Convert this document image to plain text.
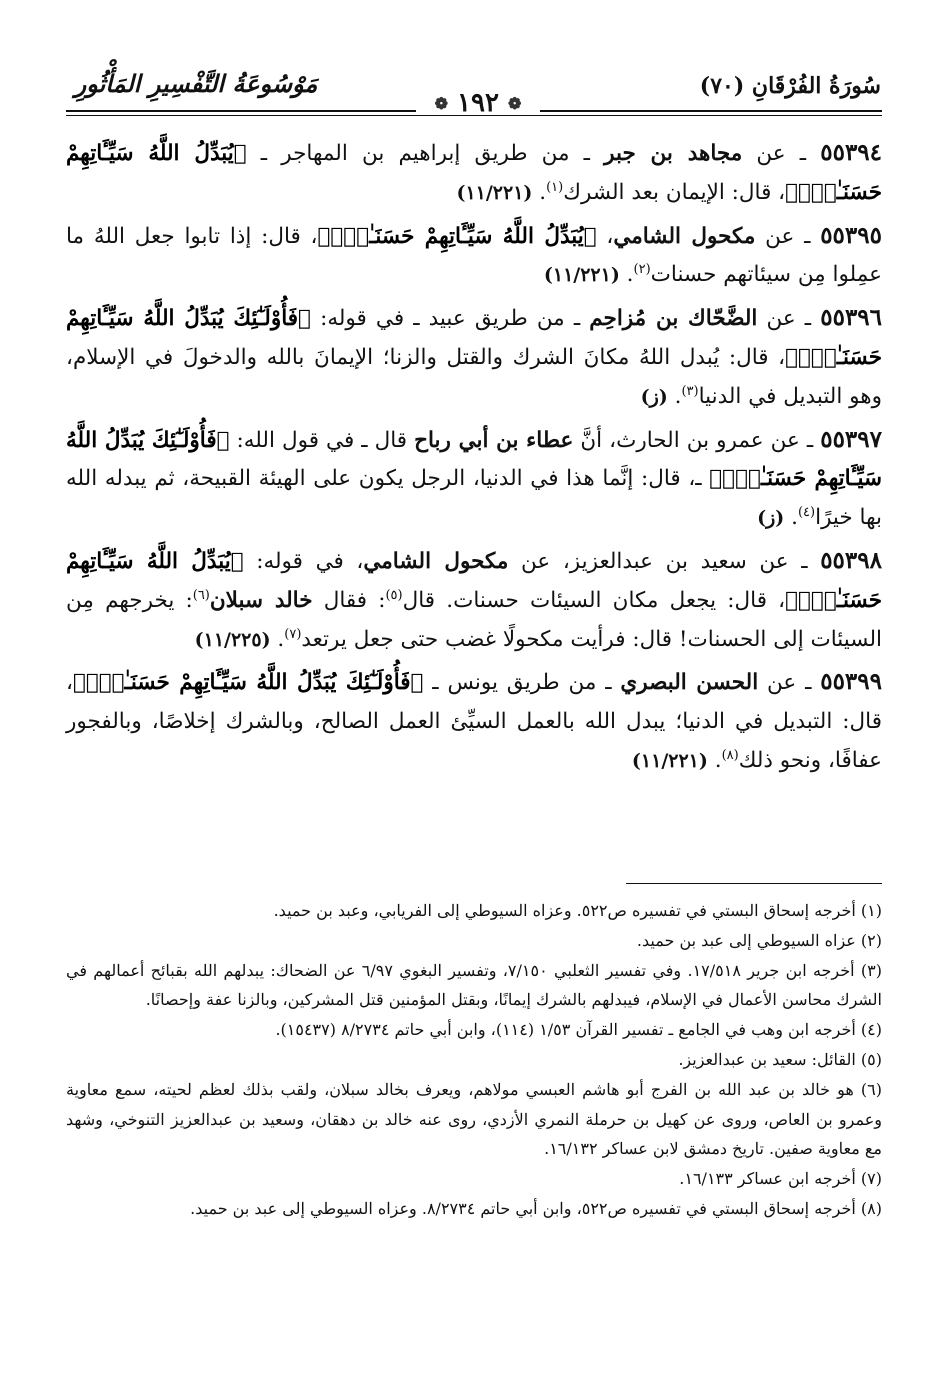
سُورَةُ الفُرْقَانِ (٧٠)
❁ ١٩٢ ❁
مَوْسُوعَةُ التَّفْسِيرِ المَأْثُورِ

٥٥٣٩٤ ـ عن مجاهد بن جبر ـ من طريق إبراهيم بن المهاجر ـ ﴿يُبَدِّلُ اللَّهُ سَيِّـَٔاتِهِمْ حَسَنَـٰتٍۗ﴾، قال: الإيمان بعد الشرك$^{(١)}$. (١١/٢٢١)

٥٥٣٩٥ ـ عن مكحول الشامي، ﴿يُبَدِّلُ اللَّهُ سَيِّـَٔاتِهِمْ حَسَنَـٰتٍۗ﴾، قال: إذا تابوا جعل اللهُ ما عمِلوا مِن سيئاتهم حسنات$^{(٢)}$. (١١/٢٢١)

٥٥٣٩٦ ـ عن الضَّحّاك بن مُزاحِم ـ من طريق عبيد ـ في قوله: ﴿فَأُوْلَـٰٓئِكَ يُبَدِّلُ اللَّهُ سَيِّـَٔاتِهِمْ حَسَنَـٰتٍۗ﴾، قال: يُبدل اللهُ مكانَ الشرك والقتل والزنا؛ الإيمانَ بالله والدخولَ في الإسلام، وهو التبديل في الدنيا$^{(٣)}$. (ز)

٥٥٣٩٧ ـ عن عمرو بن الحارث، أنَّ عطاء بن أبي رباح قال ـ في قول الله: ﴿فَأُوْلَـٰٓئِكَ يُبَدِّلُ اللَّهُ سَيِّـَٔاتِهِمْ حَسَنَـٰتٍۗ﴾ ـ، قال: إنَّما هذا في الدنيا، الرجل يكون على الهيئة القبيحة، ثم يبدله الله بها خيرًا$^{(٤)}$. (ز)

٥٥٣٩٨ ـ عن سعيد بن عبدالعزيز، عن مكحول الشامي، في قوله: ﴿يُبَدِّلُ اللَّهُ سَيِّـَٔاتِهِمْ حَسَنَـٰتٍۗ﴾، قال: يجعل مكان السيئات حسنات. قال$^{(٥)}$: فقال خالد سبلان$^{(٦)}$: يخرجهم مِن السيئات إلى الحسنات! قال: فرأيت مكحولًا غضب حتى جعل يرتعد$^{(٧)}$. (١١/٢٢٥)

٥٥٣٩٩ ـ عن الحسن البصري ـ من طريق يونس ـ ﴿فَأُوْلَـٰٓئِكَ يُبَدِّلُ اللَّهُ سَيِّـَٔاتِهِمْ حَسَنَـٰتٍۗ﴾، قال: التبديل في الدنيا؛ يبدل الله بالعمل السيِّئ العمل الصالح، وبالشرك إخلاصًا، وبالفجور عفافًا، ونحو ذلك$^{(٨)}$. (١١/٢٢١)

(١) أخرجه إسحاق البستي في تفسيره ص٥٢٢. وعزاه السيوطي إلى الفريابي، وعبد بن حميد.

(٢) عزاه السيوطي إلى عبد بن حميد.

(٣) أخرجه ابن جرير ١٧/٥١٨. وفي تفسير الثعلبي ٧/١٥٠، وتفسير البغوي ٦/٩٧ عن الضحاك: يبدلهم الله بقبائح أعمالهم في الشرك محاسن الأعمال في الإسلام، فيبدلهم بالشرك إيمانًا، وبقتل المؤمنين قتل المشركين، وبالزنا عفة وإحصانًا.

(٤) أخرجه ابن وهب في الجامع ـ تفسير القرآن ١/٥٣ (١١٤)، وابن أبي حاتم ٨/٢٧٣٤ (١٥٤٣٧).

(٥) القائل: سعيد بن عبدالعزيز.

(٦) هو خالد بن عبد الله بن الفرج أبو هاشم العبسي مولاهم، ويعرف بخالد سبلان، ولقب بذلك لعظم لحيته، سمع معاوية وعمرو بن العاص، وروى عن كهيل بن حرملة النمري الأزدي، روى عنه خالد بن دهقان، وسعيد بن عبدالعزيز التنوخي، وشهد مع معاوية صفين. تاريخ دمشق لابن عساكر ١٦/١٣٢.

(٧) أخرجه ابن عساكر ١٦/١٣٣.

(٨) أخرجه إسحاق البستي في تفسيره ص٥٢٢، وابن أبي حاتم ٨/٢٧٣٤. وعزاه السيوطي إلى عبد بن حميد.
